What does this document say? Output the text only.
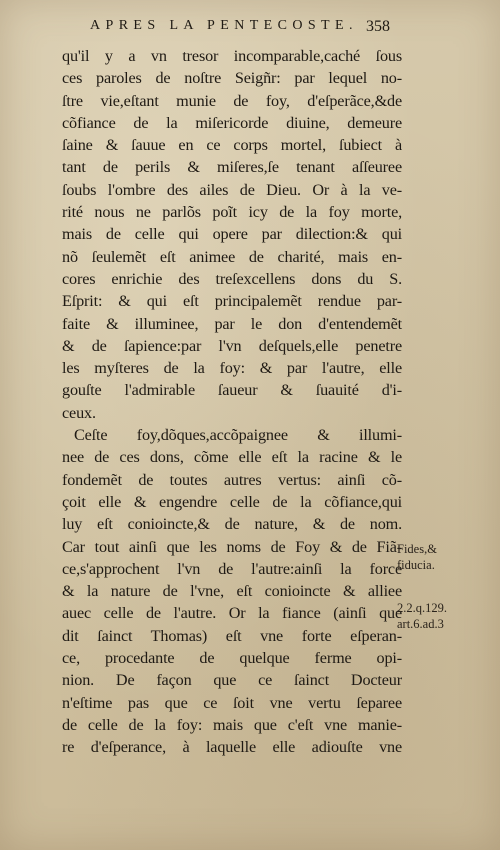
APRES LA PENTECOSTE. 358
qu'il y a vn tresor incomparable,caché ſous
ces paroles de noſtre Seigñr: par lequel no-
ſtre vie,eſtant munie de foy, d'eſperãce,&de
cõfiance de la miſericorde diuine, demeure
ſaine & ſauue en ce corps mortel, ſubiect à
tant de perils & miſeres,ſe tenant aſſeuree
ſoubs l'ombre des ailes de Dieu. Or à la ve-
rité nous ne parlõs poĩt icy de la foy morte,
mais de celle qui opere par dilection:& qui
nõ ſeulemẽt eſt animee de charité, mais en-
cores enrichie des treſexcellens dons du S.
Eſprit: & qui eſt principalemẽt rendue par-
faite & illuminee, par le don d'entendemẽt
& de ſapience:par l'vn deſquels,elle penetre
les myſteres de la foy: & par l'autre, elle
gouſte l'admirable ſaueur & ſuauité d'i-
ceux.
Ceſte foy,dõques,accõpaignee & illumi-
nee de ces dons, cõme elle eſt la racine & le
fondemẽt de toutes autres vertus: ainſi cõ-
çoit elle & engendre celle de la cõfiance,qui
luy eſt conioincte,& de nature, & de nom.
Car tout ainſi que les noms de Foy & de Fiã-
ce,s'approchent l'vn de l'autre:ainſi la force
& la nature de l'vne, eſt conioincte & alliee
auec celle de l'autre. Or la fiance (ainſi que
dit ſainct Thomas) eſt vne forte eſperan-
ce, procedante de quelque ferme opi-
nion. De façon que ce ſainct Docteur
n'eſtime pas que ce ſoit vne vertu ſeparee
de celle de la foy: mais que c'eſt vne manie-
re d'eſperance, à laquelle elle adiouſte vne
Fides,&
fiducia.
2.2.q.129.
art.6.ad.3
